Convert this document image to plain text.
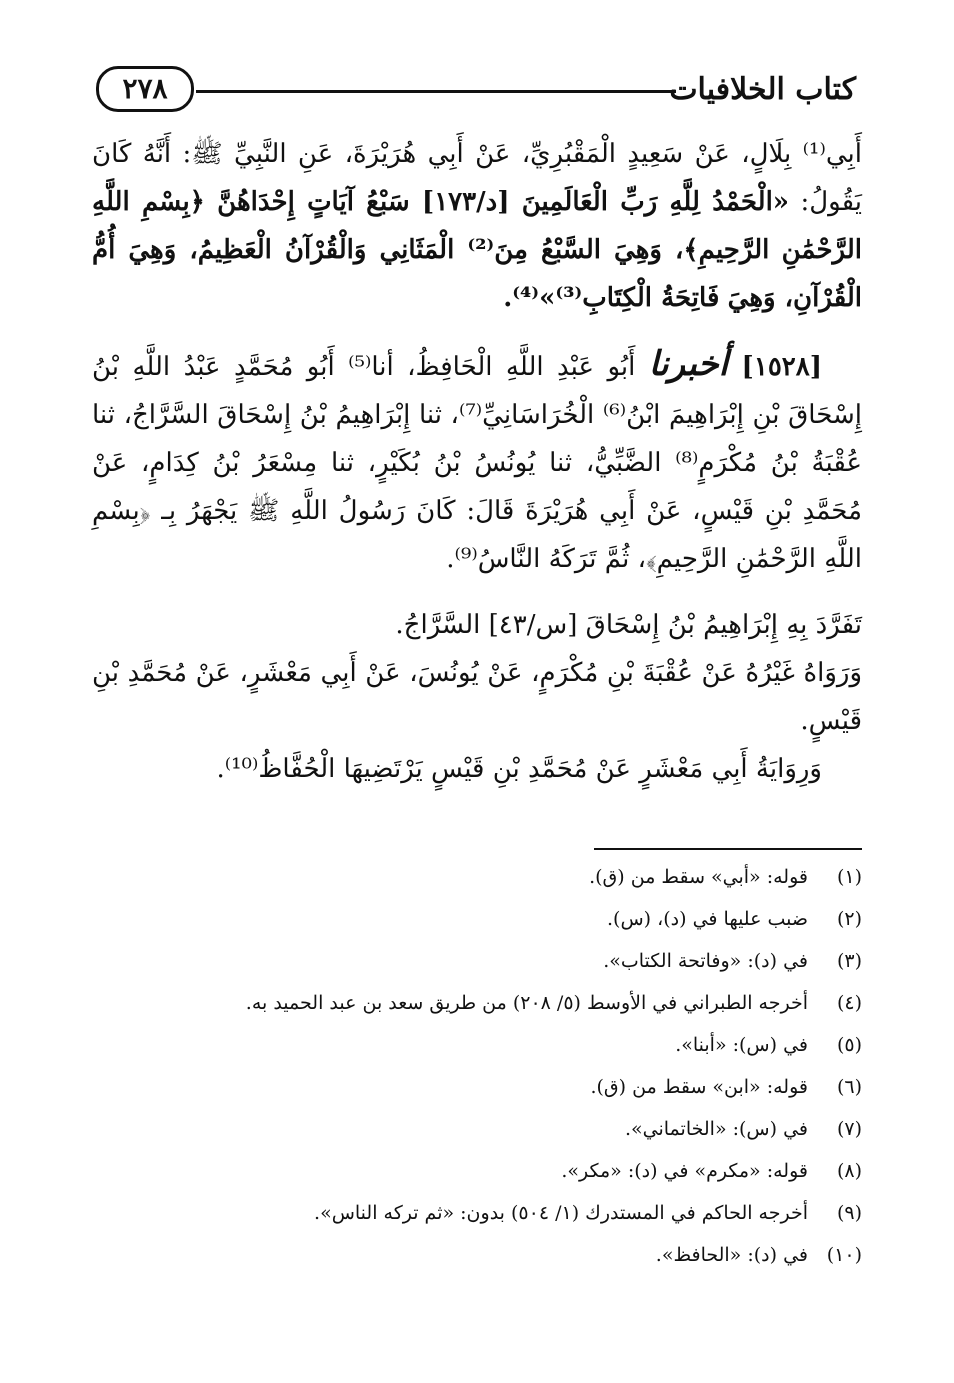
كتاب الخلافيات
٢٧٨

أَبِي⁽¹⁾ بِلَالٍ، عَنْ سَعِيدٍ الْمَقْبُرِيِّ، عَنْ أَبِي هُرَيْرَةَ، عَنِ النَّبِيِّ ﷺ: أَنَّهُ كَانَ يَقُولُ: «الْحَمْدُ لِلَّهِ رَبِّ الْعَالَمِينَ [د/١٧٣] سَبْعُ آيَاتٍ إِحْدَاهُنَّ ﴿بِسْمِ اللَّهِ الرَّحْمَٰنِ الرَّحِيمِ﴾، وَهِيَ السَّبْعُ مِنَ⁽²⁾ الْمَثَانِي وَالْقُرْآنُ الْعَظِيمُ، وَهِيَ أُمُّ الْقُرْآنِ، وَهِيَ فَاتِحَةُ الْكِتَابِ⁽³⁾»⁽⁴⁾.

[١٥٢٨] أخبرنا أَبُو عَبْدِ اللَّهِ الْحَافِظُ، أنا⁽⁵⁾ أَبُو مُحَمَّدٍ عَبْدُ اللَّهِ بْنُ إِسْحَاقَ بْنِ إِبْرَاهِيمَ ابْنُ⁽⁶⁾ الْخُرَاسَانِيِّ⁽⁷⁾، ثنا إِبْرَاهِيمُ بْنُ إِسْحَاقَ السَّرَّاجُ، ثنا عُقْبَةُ بْنُ مُكْرَمٍ⁽⁸⁾ الضَّبِّيُّ، ثنا يُونُسُ بْنُ بُكَيْرٍ، ثنا مِسْعَرُ بْنُ كِدَامٍ، عَنْ مُحَمَّدِ بْنِ قَيْسٍ، عَنْ أَبِي هُرَيْرَةَ قَالَ: كَانَ رَسُولُ اللَّهِ ﷺ يَجْهَرُ بِـ ﴿بِسْمِ اللَّهِ الرَّحْمَٰنِ الرَّحِيمِ﴾، ثُمَّ تَرَكَهُ النَّاسُ⁽⁹⁾.

تَفَرَّدَ بِهِ إِبْرَاهِيمُ بْنُ إِسْحَاقَ [س/٤٣] السَّرَّاجُ.

وَرَوَاهُ غَيْرُهُ عَنْ عُقْبَةَ بْنِ مُكْرَمٍ، عَنْ يُونُسَ، عَنْ أَبِي مَعْشَرٍ، عَنْ مُحَمَّدِ بْنِ قَيْسٍ.

وَرِوَايَةُ أَبِي مَعْشَرٍ عَنْ مُحَمَّدِ بْنِ قَيْسٍ يَرْتَضِيهَا الْحُفَّاظُ⁽¹⁰⁾.

(١)
قوله: «أبي» سقط من (ق).
(٢)
ضبب عليها في (د)، (س).
(٣)
في (د): «وفاتحة الكتاب».
(٤)
أخرجه الطبراني في الأوسط (٥/ ٢٠٨) من طريق سعد بن عبد الحميد به.
(٥)
في (س): «أبنا».
(٦)
قوله: «ابن» سقط من (ق).
(٧)
في (س): «الخاتماني».
(٨)
قوله: «مكرم» في (د): «مكر».
(٩)
أخرجه الحاكم في المستدرك (١/ ٥٠٤) بدون: «ثم تركه الناس».
(١٠)
في (د): «الحافظ».
